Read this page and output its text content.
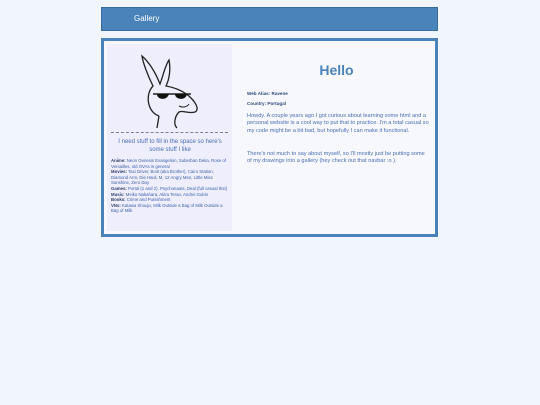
Gallery
I need stuff to fill in the space so here's some stuff I like

Anime: Neon Genesis Evangelion, Suberban Deka, Rose of Versailles, old OVAs in general

Movies: Taxi Driver, Bost (aka Brother), Cairo Station, Diamond Arm, Die Hard, M, 12 Angry Men, Little Miss Sunshine, Zero Day

Games: Portal (1 and 2), Psychonauts, Deal (full casual thst)

Music: Meiko Nakahara, Akira Terao, Andrei Gubin

Books: Crime and Punishment

VNs: Katawa Shoujo, Milk Outside a Bag of Milk Outside a Bag of Milk

Hello
Web Alias: Ravene
Country: Portugal
Howdy. A couple years ago I got curious about learning some html and a personal website is a cool way to put that to practice. I'm a total casual so my code might be a bit bad, but hopefully I can make it functional.
There's not much to say about myself, so I'll mostly just be putting some of my drawings into a gallery (hey check out that navbar :o ).
